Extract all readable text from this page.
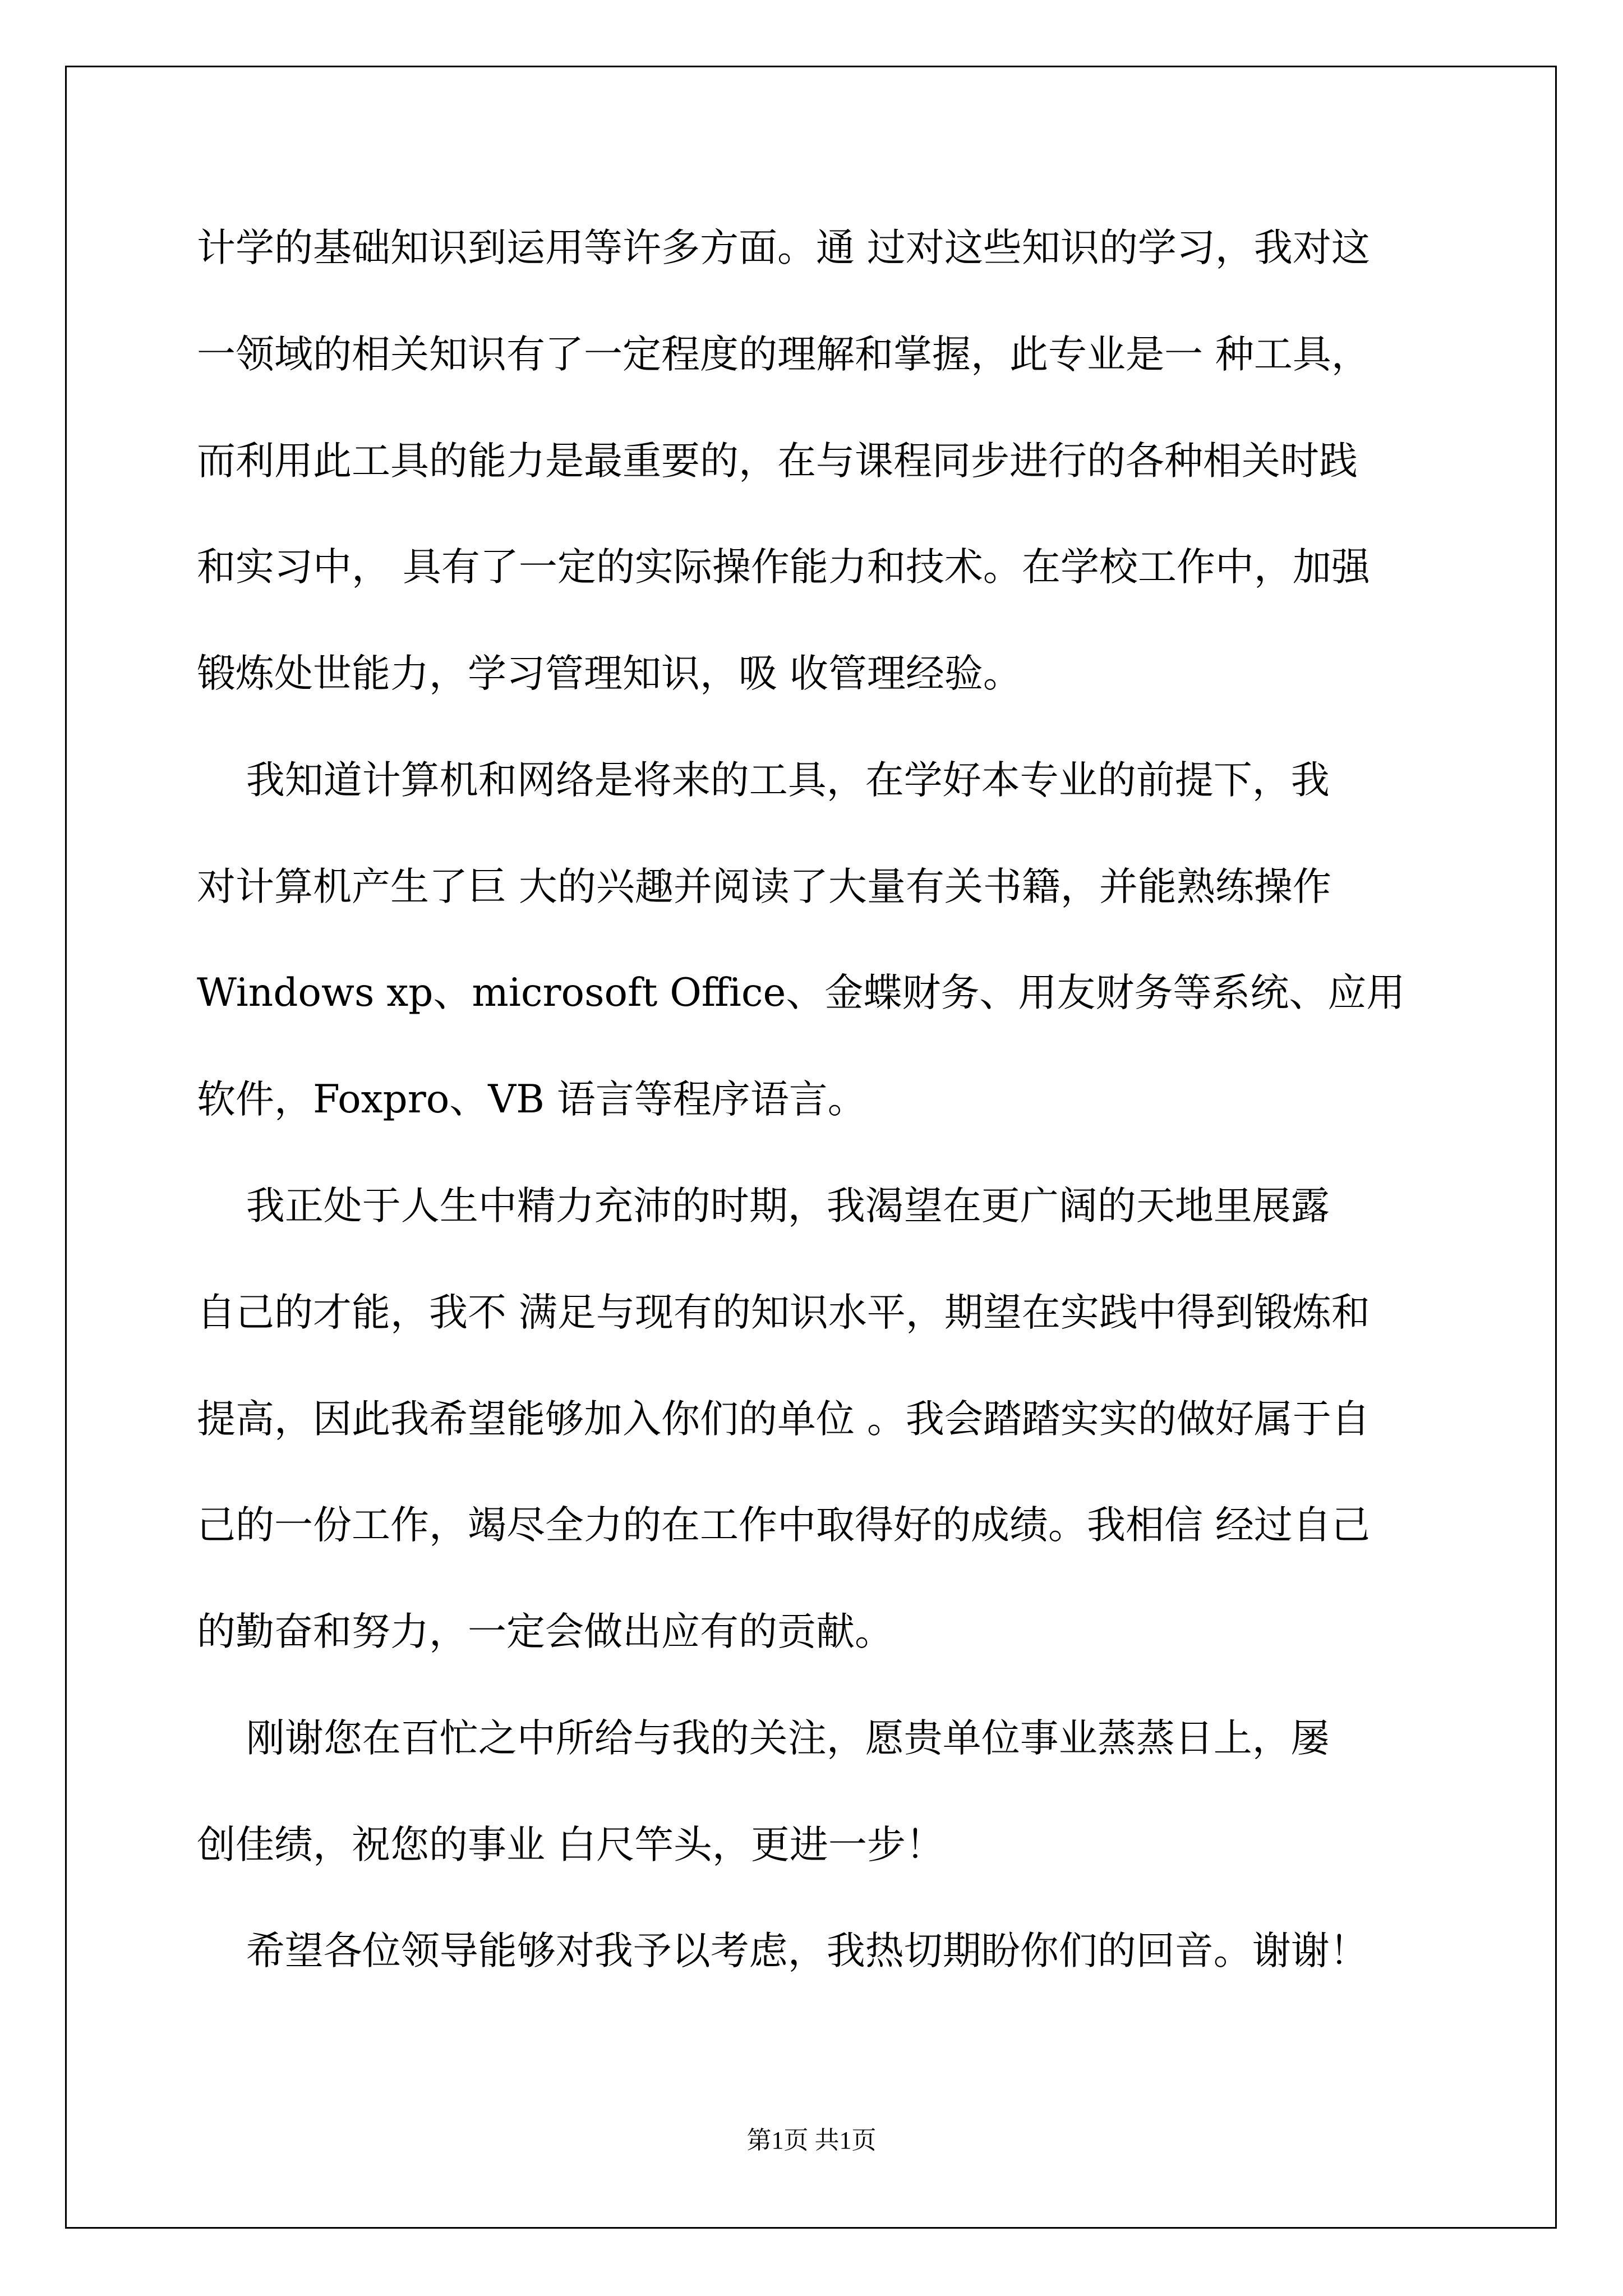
计学的基础知识到运用等许多方面。通 过对这些知识的学习，我对这
一领域的相关知识有了一定程度的理解和掌握，此专业是一 种工具，
而利用此工具的能力是最重要的，在与课程同步进行的各种相关时践
和实习中， 具有了一定的实际操作能力和技术。在学校工作中，加强
锻炼处世能力，学习管理知识，吸 收管理经验。
我知道计算机和网络是将来的工具，在学好本专业的前提下，我
对计算机产生了巨 大的兴趣并阅读了大量有关书籍，并能熟练操作
Windows xp、microsoft Office、金蝶财务、用友财务等系统、应用
软件，Foxpro、VB 语言等程序语言。
我正处于人生中精力充沛的时期，我渴望在更广阔的天地里展露
自己的才能，我不 满足与现有的知识水平，期望在实践中得到锻炼和
提高，因此我希望能够加入你们的单位 。我会踏踏实实的做好属于自
己的一份工作，竭尽全力的在工作中取得好的成绩。我相信 经过自己
的勤奋和努力，一定会做出应有的贡献。
刚谢您在百忙之中所给与我的关注，愿贵单位事业蒸蒸日上，屡
创佳绩，祝您的事业 白尺竿头，更进一步！
希望各位领导能够对我予以考虑，我热切期盼你们的回音。谢谢！
第1页 共1页
